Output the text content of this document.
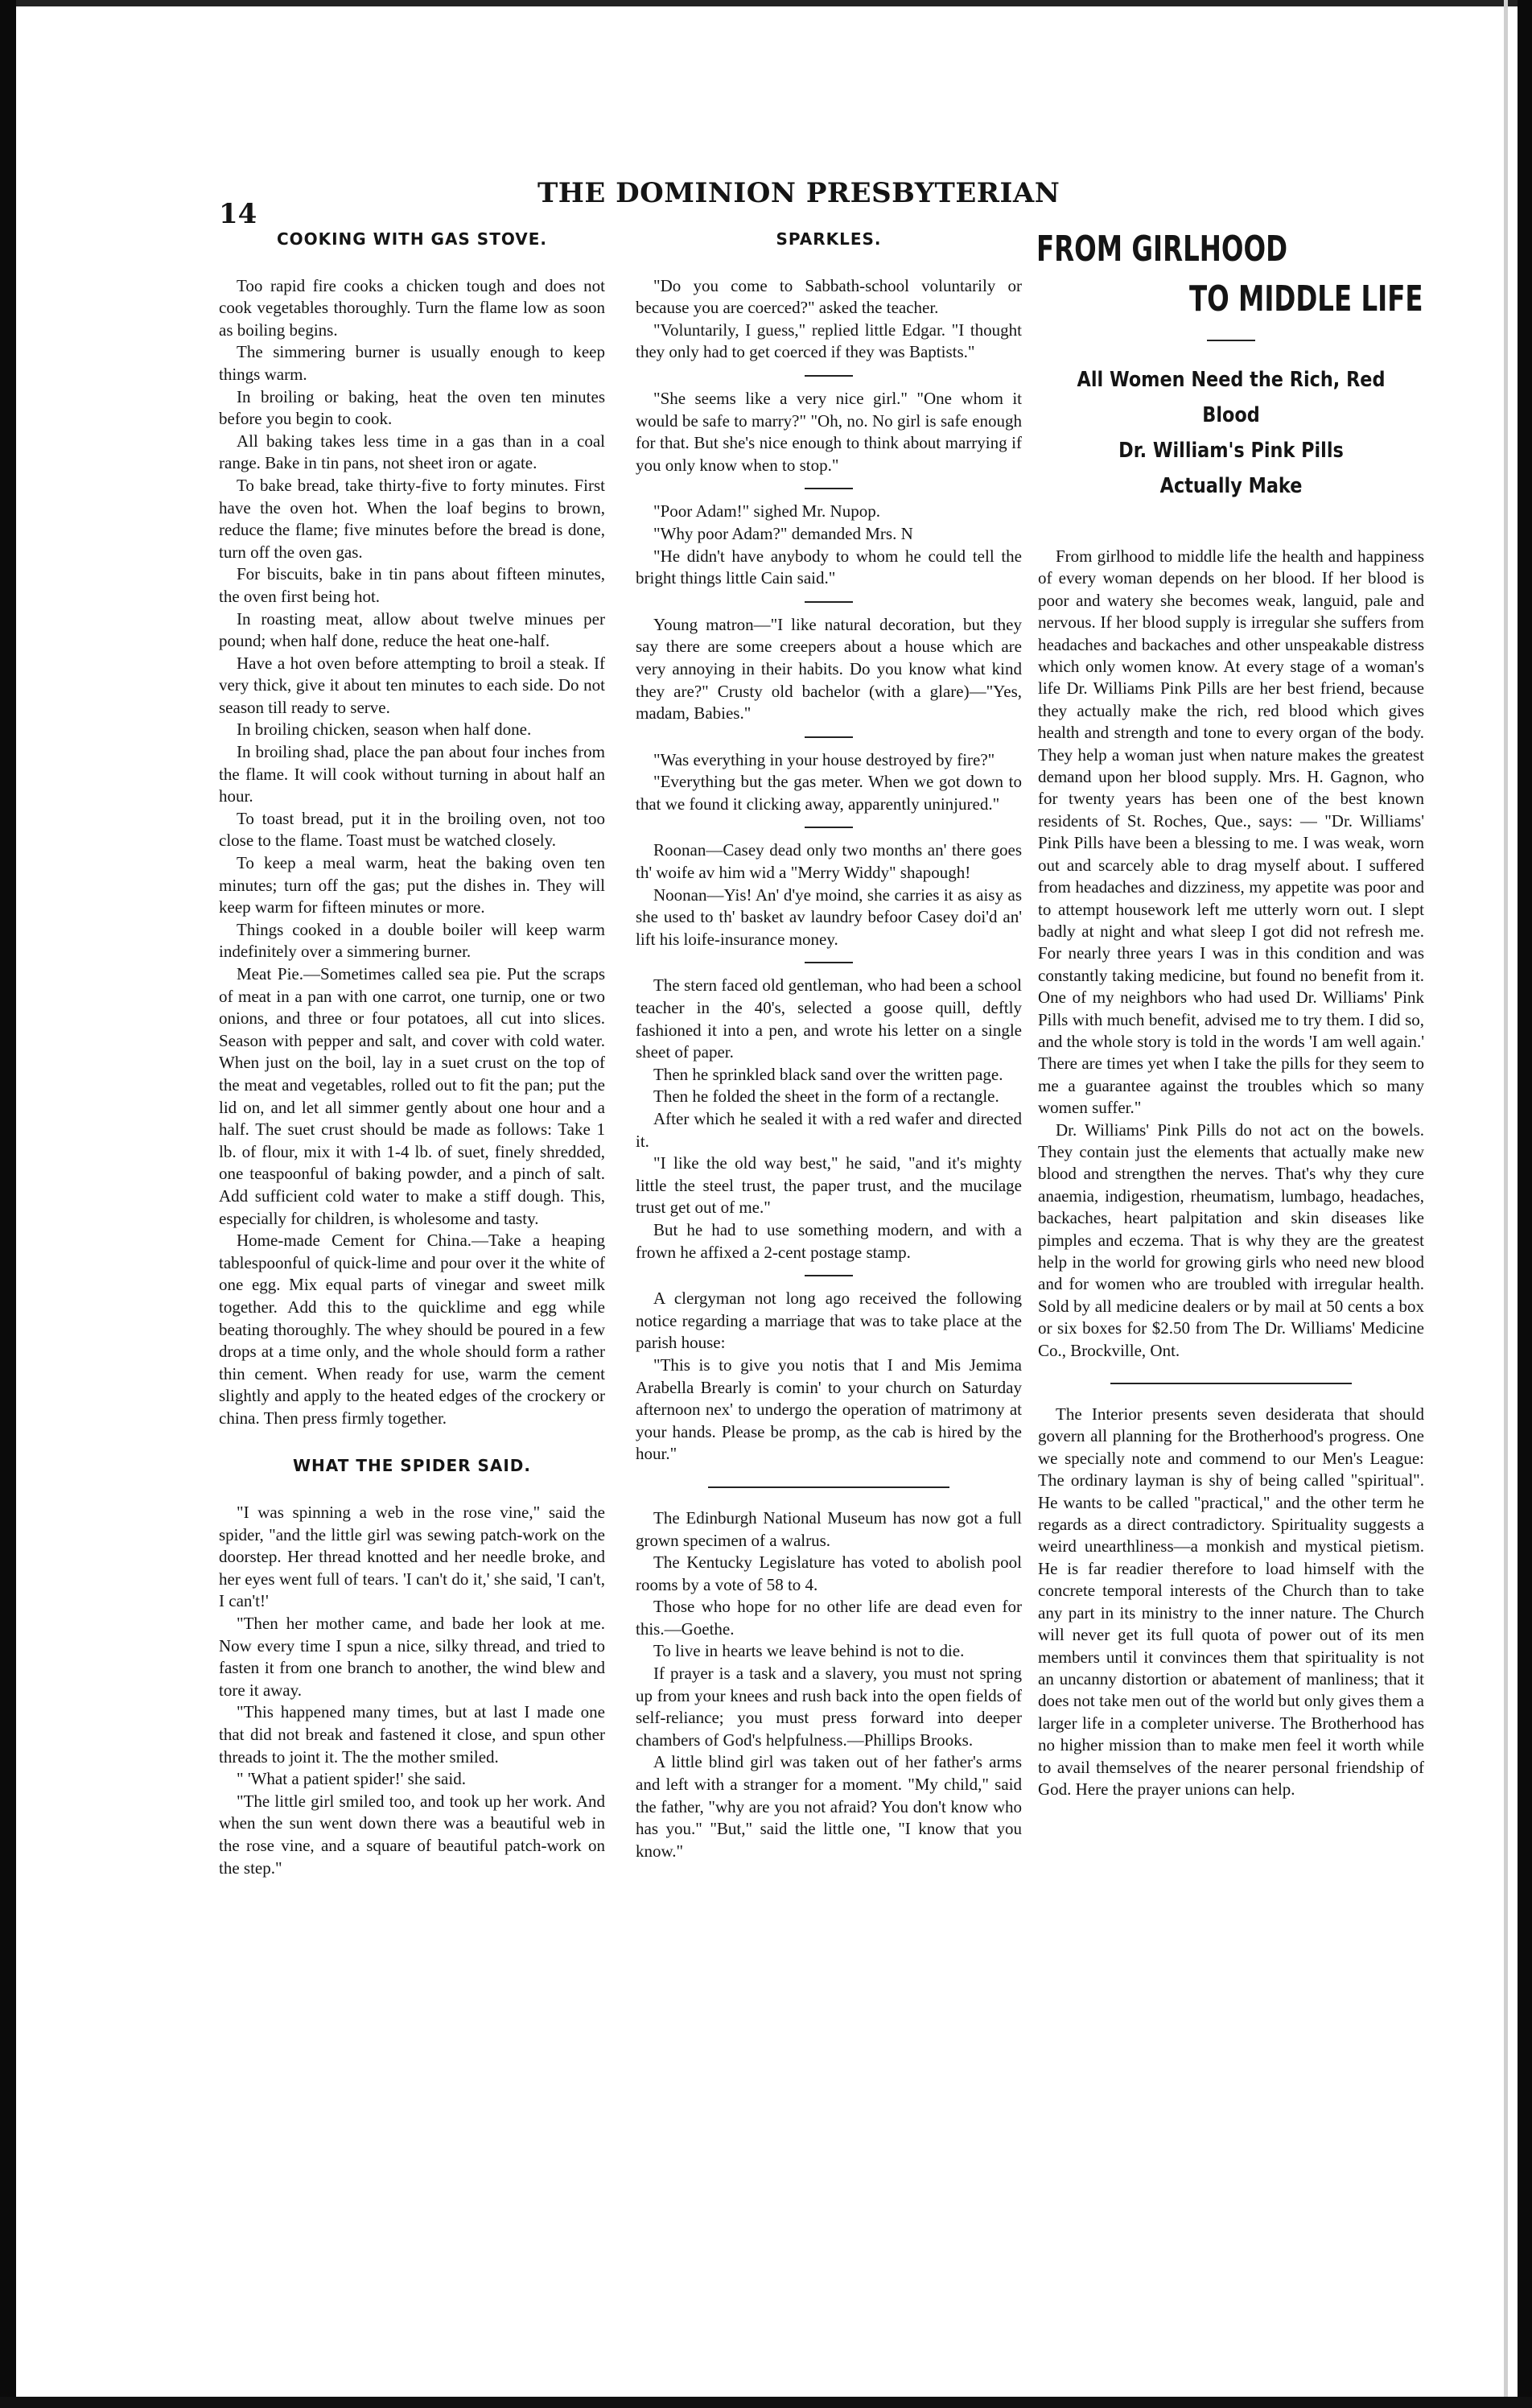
14
THE DOMINION PRESBYTERIAN
COOKING WITH GAS STOVE.

Too rapid fire cooks a chicken tough and does not cook vegetables thoroughly. Turn the flame low as soon as boiling begins.

The simmering burner is usually enough to keep things warm.

In broiling or baking, heat the oven ten minutes before you begin to cook.

All baking takes less time in a gas than in a coal range. Bake in tin pans, not sheet iron or agate.

To bake bread, take thirty-five to forty minutes. First have the oven hot. When the loaf begins to brown, reduce the flame; five minutes before the bread is done, turn off the oven gas.

For biscuits, bake in tin pans about fifteen minutes, the oven first being hot.

In roasting meat, allow about twelve minues per pound; when half done, reduce the heat one-half.

Have a hot oven before attempting to broil a steak. If very thick, give it about ten minutes to each side. Do not season till ready to serve.

In broiling chicken, season when half done.

In broiling shad, place the pan about four inches from the flame. It will cook without turning in about half an hour.

To toast bread, put it in the broiling oven, not too close to the flame. Toast must be watched closely.

To keep a meal warm, heat the baking oven ten minutes; turn off the gas; put the dishes in. They will keep warm for fifteen minutes or more.

Things cooked in a double boiler will keep warm indefinitely over a simmering burner.

Meat Pie.—Sometimes called sea pie. Put the scraps of meat in a pan with one carrot, one turnip, one or two onions, and three or four potatoes, all cut into slices. Season with pepper and salt, and cover with cold water. When just on the boil, lay in a suet crust on the top of the meat and vegetables, rolled out to fit the pan; put the lid on, and let all simmer gently about one hour and a half. The suet crust should be made as follows: Take 1 lb. of flour, mix it with 1-4 lb. of suet, finely shredded, one teaspoonful of baking powder, and a pinch of salt. Add sufficient cold water to make a stiff dough. This, especially for children, is wholesome and tasty.

Home-made Cement for China.—Take a heaping tablespoonful of quick-lime and pour over it the white of one egg. Mix equal parts of vinegar and sweet milk together. Add this to the quicklime and egg while beating thoroughly. The whey should be poured in a few drops at a time only, and the whole should form a rather thin cement. When ready for use, warm the cement slightly and apply to the heated edges of the crockery or china. Then press firmly together.

WHAT THE SPIDER SAID.

"I was spinning a web in the rose vine," said the spider, "and the little girl was sewing patch-work on the doorstep. Her thread knotted and her needle broke, and her eyes went full of tears. 'I can't do it,' she said, 'I can't, I can't!'

"Then her mother came, and bade her look at me. Now every time I spun a nice, silky thread, and tried to fasten it from one branch to another, the wind blew and tore it away.

"This happened many times, but at last I made one that did not break and fastened it close, and spun other threads to joint it. The the mother smiled.

" 'What a patient spider!' she said.

"The little girl smiled too, and took up her work. And when the sun went down there was a beautiful web in the rose vine, and a square of beautiful patch-work on the step."

SPARKLES.

"Do you come to Sabbath-school voluntarily or because you are coerced?" asked the teacher.

"Voluntarily, I guess," replied little Edgar. "I thought they only had to get coerced if they was Baptists."

"She seems like a very nice girl." "One whom it would be safe to marry?" "Oh, no. No girl is safe enough for that. But she's nice enough to think about marrying if you only know when to stop."

"Poor Adam!" sighed Mr. Nupop.

"Why poor Adam?" demanded Mrs. N

"He didn't have anybody to whom he could tell the bright things little Cain said."

Young matron—"I like natural decoration, but they say there are some creepers about a house which are very annoying in their habits. Do you know what kind they are?" Crusty old bachelor (with a glare)—"Yes, madam, Babies."

"Was everything in your house destroyed by fire?"

"Everything but the gas meter. When we got down to that we found it clicking away, apparently uninjured."

Roonan—Casey dead only two months an' there goes th' woife av him wid a "Merry Widdy" shapough!

Noonan—Yis! An' d'ye moind, she carries it as aisy as she used to th' basket av laundry befoor Casey doi'd an' lift his loife-insurance money.

The stern faced old gentleman, who had been a school teacher in the 40's, selected a goose quill, deftly fashioned it into a pen, and wrote his letter on a single sheet of paper.

Then he sprinkled black sand over the written page.

Then he folded the sheet in the form of a rectangle.

After which he sealed it with a red wafer and directed it.

"I like the old way best," he said, "and it's mighty little the steel trust, the paper trust, and the mucilage trust get out of me."

But he had to use something modern, and with a frown he affixed a 2-cent postage stamp.

A clergyman not long ago received the following notice regarding a marriage that was to take place at the parish house:

"This is to give you notis that I and Mis Jemima Arabella Brearly is comin' to your church on Saturday afternoon nex' to undergo the operation of matrimony at your hands. Please be promp, as the cab is hired by the hour."

The Edinburgh National Museum has now got a full grown specimen of a walrus.

The Kentucky Legislature has voted to abolish pool rooms by a vote of 58 to 4.

Those who hope for no other life are dead even for this.—Goethe.

To live in hearts we leave behind is not to die.

If prayer is a task and a slavery, you must not spring up from your knees and rush back into the open fields of self-reliance; you must press forward into deeper chambers of God's helpfulness.—Phillips Brooks.

A little blind girl was taken out of her father's arms and left with a stranger for a moment. "My child," said the father, "why are you not afraid? You don't know who has you." "But," said the little one, "I know that you know."

FROM GIRLHOOD
TO MIDDLE LIFE
All Women Need the Rich, Red Blood
Dr. William's Pink Pills
Actually Make

From girlhood to middle life the health and happiness of every woman depends on her blood. If her blood is poor and watery she becomes weak, languid, pale and nervous. If her blood supply is irregular she suffers from headaches and backaches and other unspeakable distress which only women know. At every stage of a woman's life Dr. Williams Pink Pills are her best friend, because they actually make the rich, red blood which gives health and strength and tone to every organ of the body. They help a woman just when nature makes the greatest demand upon her blood supply. Mrs. H. Gagnon, who for twenty years has been one of the best known residents of St. Roches, Que., says: — "Dr. Williams' Pink Pills have been a blessing to me. I was weak, worn out and scarcely able to drag myself about. I suffered from headaches and dizziness, my appetite was poor and to attempt housework left me utterly worn out. I slept badly at night and what sleep I got did not refresh me. For nearly three years I was in this condition and was constantly taking medicine, but found no benefit from it. One of my neighbors who had used Dr. Williams' Pink Pills with much benefit, advised me to try them. I did so, and the whole story is told in the words 'I am well again.' There are times yet when I take the pills for they seem to me a guarantee against the troubles which so many women suffer."

Dr. Williams' Pink Pills do not act on the bowels. They contain just the elements that actually make new blood and strengthen the nerves. That's why they cure anaemia, indigestion, rheumatism, lumbago, headaches, backaches, heart palpitation and skin diseases like pimples and eczema. That is why they are the greatest help in the world for growing girls who need new blood and for women who are troubled with irregular health. Sold by all medicine dealers or by mail at 50 cents a box or six boxes for $2.50 from The Dr. Williams' Medicine Co., Brockville, Ont.

The Interior presents seven desiderata that should govern all planning for the Brotherhood's progress. One we specially note and commend to our Men's League: The ordinary layman is shy of being called "spiritual". He wants to be called "practical," and the other term he regards as a direct contradictory. Spirituality suggests a weird unearthliness—a monkish and mystical pietism. He is far readier therefore to load himself with the concrete temporal interests of the Church than to take any part in its ministry to the inner nature. The Church will never get its full quota of power out of its men members until it convinces them that spirituality is not an uncanny distortion or abatement of manliness; that it does not take men out of the world but only gives them a larger life in a completer universe. The Brotherhood has no higher mission than to make men feel it worth while to avail themselves of the nearer personal friendship of God. Here the prayer unions can help.
